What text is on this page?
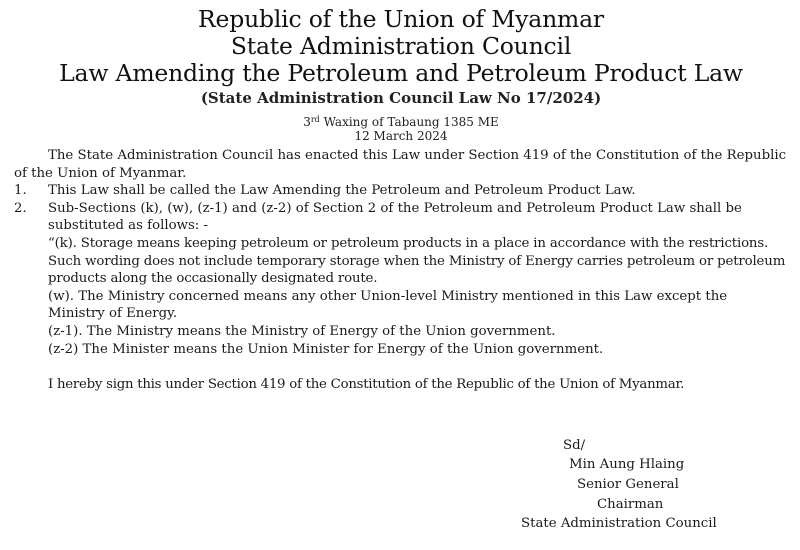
Republic of the Union of Myanmar
State Administration Council
Law Amending the Petroleum and Petroleum Product Law
(State Administration Council Law No 17/2024)
3rd Waxing of Tabaung 1385 ME
12 March 2024

The State Administration Council has enacted this Law under Section 419 of the Constitution of the Republic of the Union of Myanmar.

1.	This Law shall be called the Law Amending the Petroleum and Petroleum Product Law.
2.	Sub-Sections (k), (w), (z-1) and (z-2) of Section 2 of the Petroleum and Petroleum Product Law shall be substituted as follows: -

“(k). Storage means keeping petroleum or petroleum products in a place in accordance with the restrictions. Such wording does not include temporary storage when the Ministry of Energy carries petroleum or petroleum products along the occasionally designated route.

(w). The Ministry concerned means any other Union-level Ministry mentioned in this Law except the Ministry of Energy.

(z-1). The Ministry means the Ministry of Energy of the Union government.

(z-2) The Minister means the Union Minister for Energy of the Union government.

I hereby sign this under Section 419 of the Constitution of the Republic of the Union of Myanmar.

Sd/
Min Aung Hlaing
Senior General
Chairman
State Administration Council
